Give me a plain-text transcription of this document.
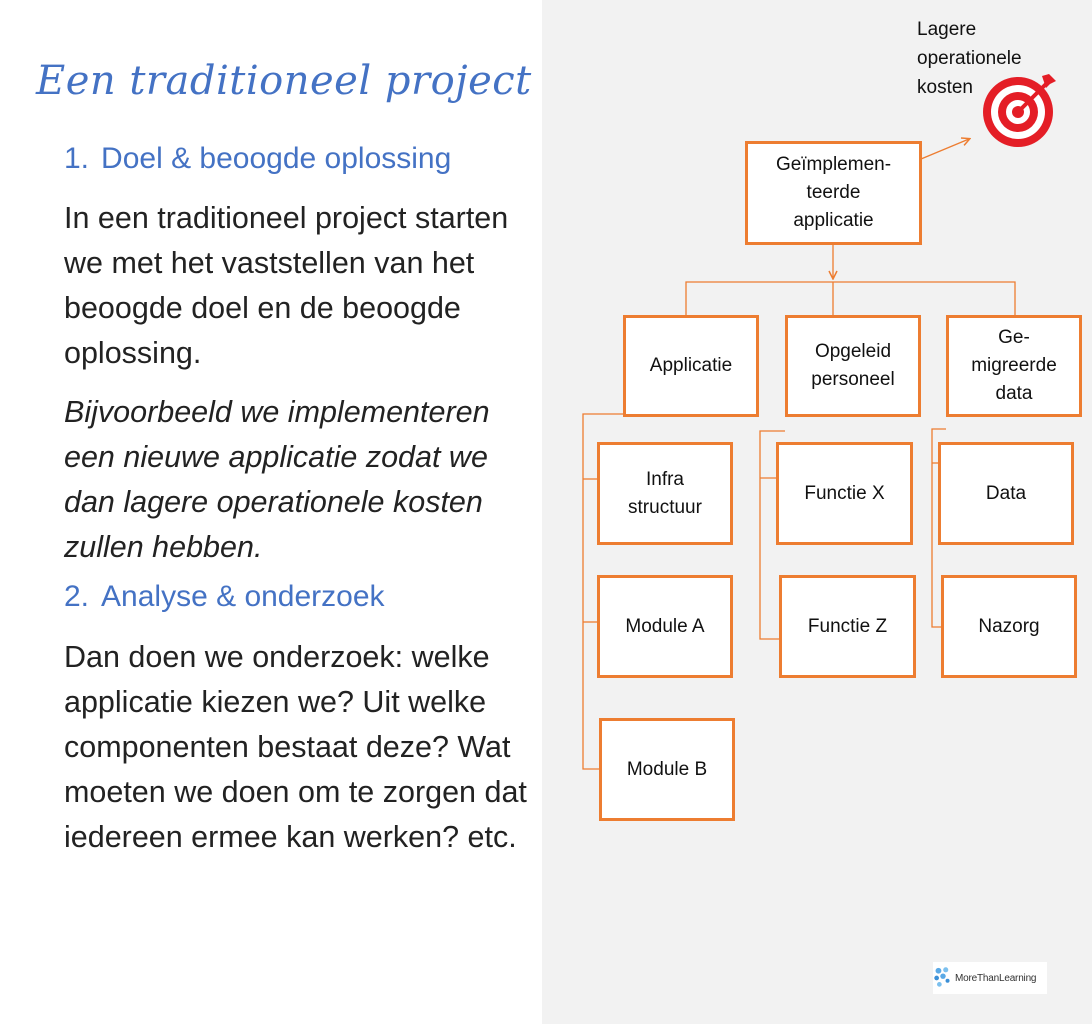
Een traditioneel project
1. Doel & beoogde oplossing

In een traditioneel project starten we met het vaststellen van het beoogde doel en de beoogde oplossing.

Bijvoorbeeld we implementeren een nieuwe applicatie zodat we dan lagere operationele kosten zullen hebben.

2. Analyse & onderzoek

Dan doen we onderzoek: welke applicatie kiezen we? Uit welke componenten bestaat deze? Wat moeten we doen om te zorgen dat iedereen ermee kan werken? etc.

Lagere
operationele
kosten
Geïmplemen-
teerde
applicatie
Applicatie
Opgeleid
personeel
Ge-
migreerde
data
Infra
structuur
Module A
Module B
Functie X
Functie Z
Data
Nazorg
MoreThanLearning
